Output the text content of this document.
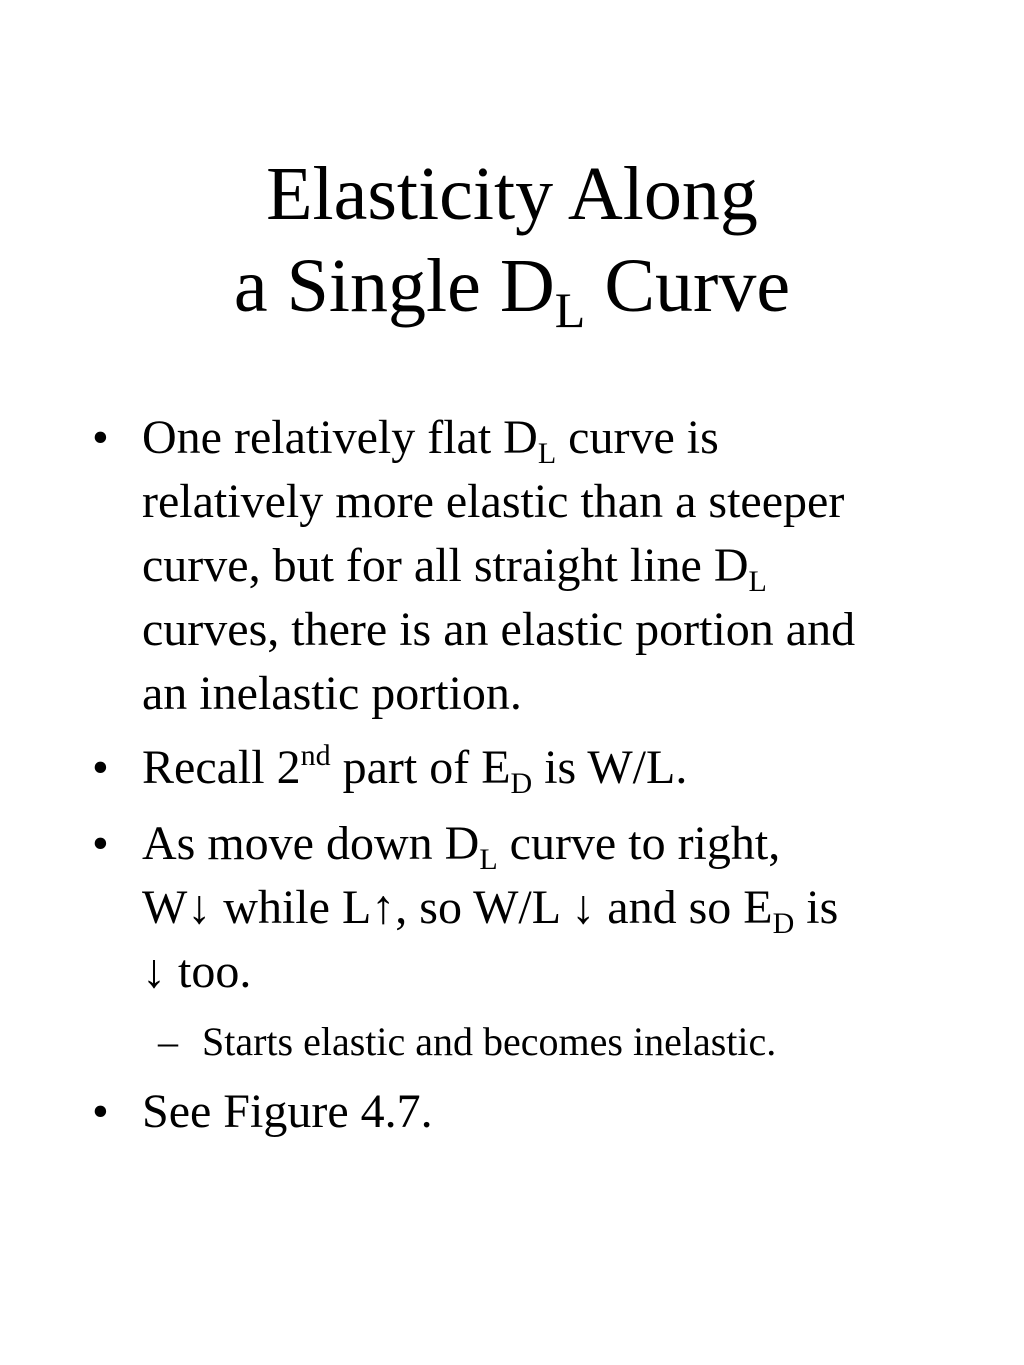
Elasticity Along
a Single $D_L$ Curve
• One relatively flat $D_L$ curve is
relatively more elastic than a steeper
curve, but for all straight line $D_L$
curves, there is an elastic portion and
an inelastic portion.
• Recall 2nd part of $E_D$ is W/L.
• As move down $D_L$ curve to right,
W↓ while L↑, so W/L ↓ and so $E_D$ is
↓ too.
– Starts elastic and becomes inelastic.
• See Figure 4.7.
